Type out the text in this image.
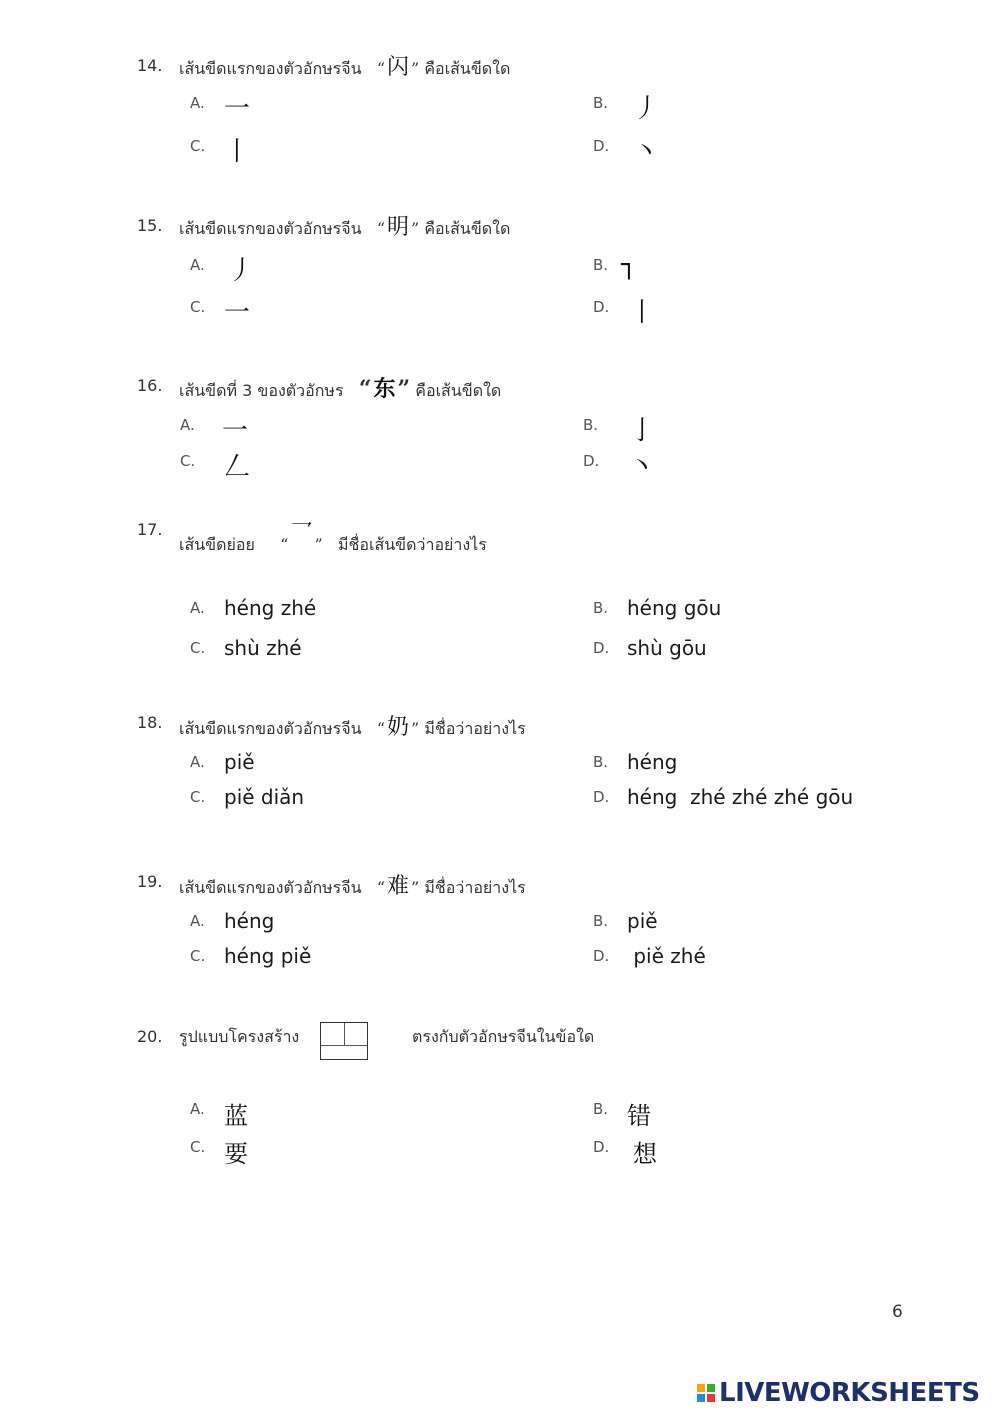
14. เส้นขีดแรกของตัวอักษรจีน “闪 ” คือเส้นขีดใด
A. 一	B. 丿
C. 丨	D. 丶
15. เส้นขีดแรกของตัวอักษรจีน “明 ” คือเส้นขีดใด
A. 丿	B. ┐
C. 一	D. 丨
16. เส้นขีดที่ 3 ของตัวอักษร “东” คือเส้นขีดใด
A. 一	B. 亅
C. 𠃋	D. 丶
17.
เส้นขีดย่อย “乛 ” มีชื่อเส้นขีดว่าอย่างไร
A. héng zhé	B. héng gōu
C. shù zhé	D. shù gōu
18. เส้นขีดแรกของตัวอักษรจีน “奶 ” มีชื่อว่าอย่างไร
A. piě	B. héng
C. piě diǎn	D. héng  zhé zhé zhé gōu
19. เส้นขีดแรกของตัวอักษรจีน “难 ” มีชื่อว่าอย่างไร
A. héng	B. piě
C. héng piě	D. piě zhé
20. รูปแบบโครงสร้าง	ตรงกับตัวอักษรจีนในข้อใด
A. 蓝	B. 错
C. 要	D. 想
6
LIVEWORKSHEETS
